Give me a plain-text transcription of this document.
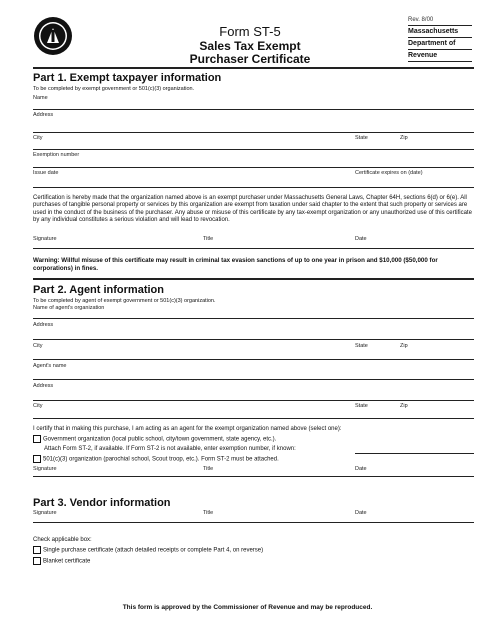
Form ST-5
Sales Tax Exempt
Purchaser Certificate
Rev. 8/00
Massachusetts
Department of
Revenue
Part 1. Exempt taxpayer information
To be completed by exempt government or 501(c)(3) organization.
Name
Address
City	State	Zip
Exemption number
Issue date	Certificate expires on (date)
Certification is hereby made that the organization named above is an exempt purchaser under Massachusetts General Laws, Chapter 64H, sections 6(d) or 6(e). All purchases of tangible personal property or services by this organization are exempt from taxation under said chapter to the extent that such property or services are used in the conduct of the business of the purchaser. Any abuse or misuse of this certificate by any tax-exempt organization or any unauthorized use of this certificate by any individual constitutes a serious violation and will lead to revocation.
Signature	Title	Date
Warning: Willful misuse of this certificate may result in criminal tax evasion sanctions of up to one year in prison and $10,000 ($50,000 for corporations) in fines.
Part 2. Agent information
To be completed by agent of exempt government or 501(c)(3) organization.
Name of agent's organization
Address
City	State	Zip
Agent's name
Address
City	State	Zip
I certify that in making this purchase, I am acting as an agent for the exempt organization named above (select one):
Government organization (local public school, city/town government, state agency, etc.).
Attach Form ST-2, if available. If Form ST-2 is not available, enter exemption number, if known:
501(c)(3) organization (parochial school, Scout troop, etc.). Form ST-2 must be attached.
Signature	Title	Date
Part 3. Vendor information
Signature	Title	Date
Check applicable box:
Single purchase certificate (attach detailed receipts or complete Part 4, on reverse)
Blanket certificate
This form is approved by the Commissioner of Revenue and may be reproduced.
